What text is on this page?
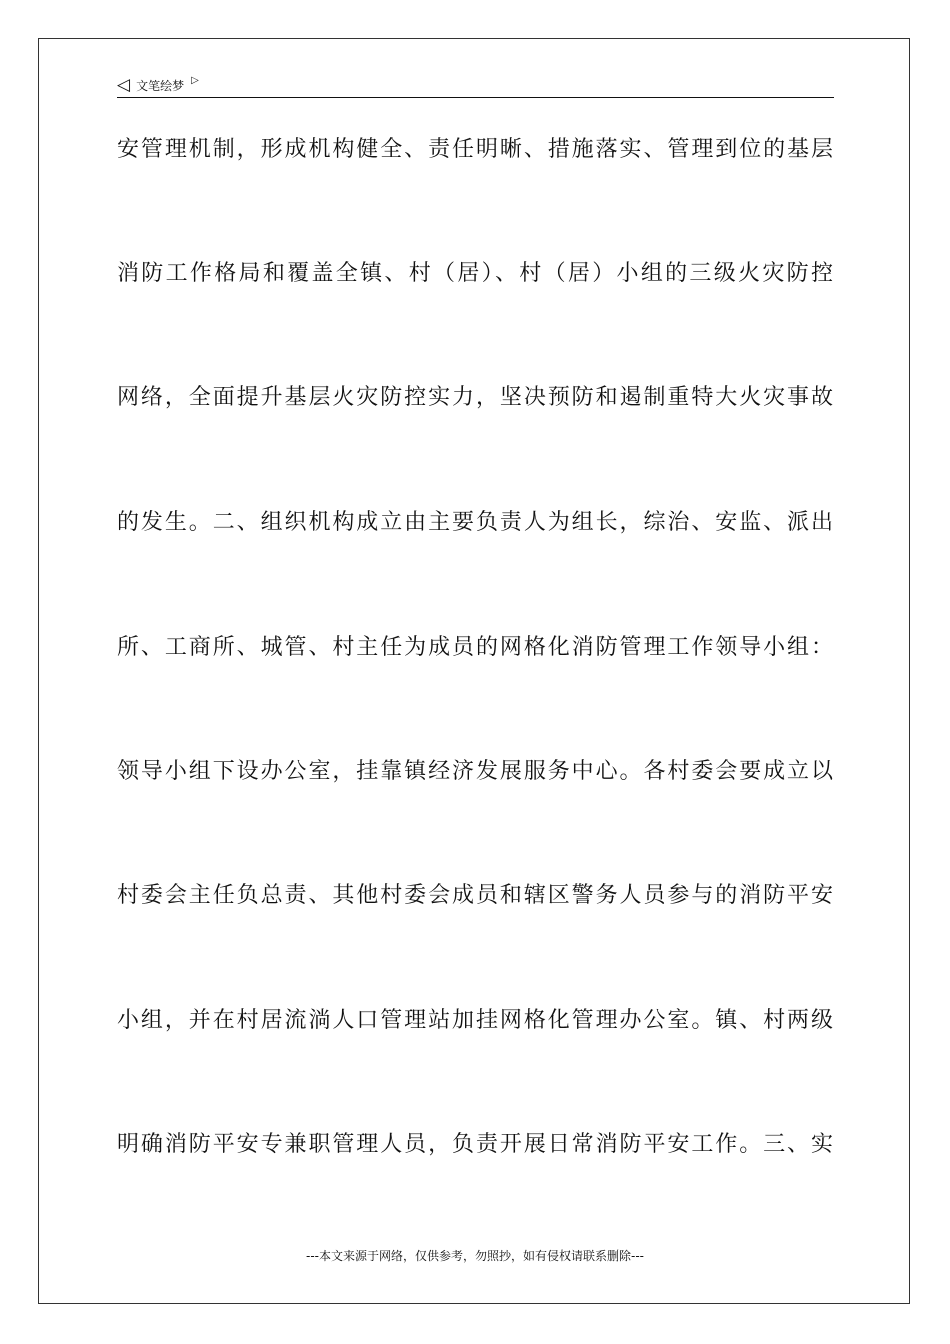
◁ 文笔绘梦 ▷
安管理机制，形成机构健全、责任明晰、措施落实、管理到位的基层
消防工作格局和覆盖全镇、村（居）、村（居）小组的三级火灾防控
网络，全面提升基层火灾防控实力，坚决预防和遏制重特大火灾事故
的发生。二、组织机构成立由主要负责人为组长，综治、安监、派出
所、工商所、城管、村主任为成员的网格化消防管理工作领导小组：
领导小组下设办公室，挂靠镇经济发展服务中心。各村委会要成立以
村委会主任负总责、其他村委会成员和辖区警务人员参与的消防平安
小组，并在村居流淌人口管理站加挂网格化管理办公室。镇、村两级
明确消防平安专兼职管理人员，负责开展日常消防平安工作。三、实
---本文来源于网络，仅供参考，勿照抄，如有侵权请联系删除---
